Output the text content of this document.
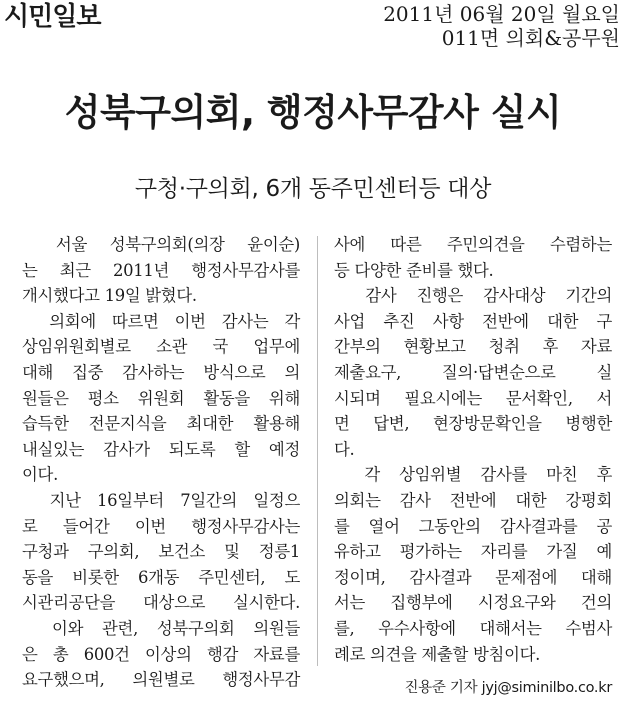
시민일보	2011년 06월 20일 월요일
011면 의회&공무원
성북구의회, 행정사무감사 실시
구청·구의회, 6개 동주민센터등 대상

　서울 성북구의회(의장 윤이순)

는 최근 2011년 행정사무감사를

개시했다고 19일 밝혔다.

　의회에 따르면 이번 감사는 각

상임위원회별로 소관 국 업무에

대해 집중 감사하는 방식으로 의

원들은 평소 위원회 활동을 위해

습득한 전문지식을 최대한 활용해

내실있는 감사가 되도록 할 예정

이다.

　지난 16일부터 7일간의 일정으

로 들어간 이번 행정사무감사는

구청과 구의회, 보건소 및 정릉1

동을 비롯한 6개동 주민센터, 도

시관리공단을 대상으로 실시한다.

　이와 관련, 성북구의회 의원들

은 총 600건 이상의 행감 자료를

요구했으며, 의원별로 행정사무감

사에 따른 주민의견을 수렴하는

등 다양한 준비를 했다.

　감사 진행은 감사대상 기간의

사업 추진 사항 전반에 대한 구

간부의 현황보고 청취 후 자료

제출요구, 질의·답변순으로 실

시되며 필요시에는 문서확인, 서

면 답변, 현장방문확인을 병행한

다.

　각 상임위별 감사를 마친 후

의회는 감사 전반에 대한 강평회

를 열어 그동안의 감사결과를 공

유하고 평가하는 자리를 가질 예

정이며, 감사결과 문제점에 대해

서는 집행부에 시정요구와 건의

를, 우수사항에 대해서는 수범사

례로 의견을 제출할 방침이다.

진용준 기자 jyj@siminilbo.co.kr
